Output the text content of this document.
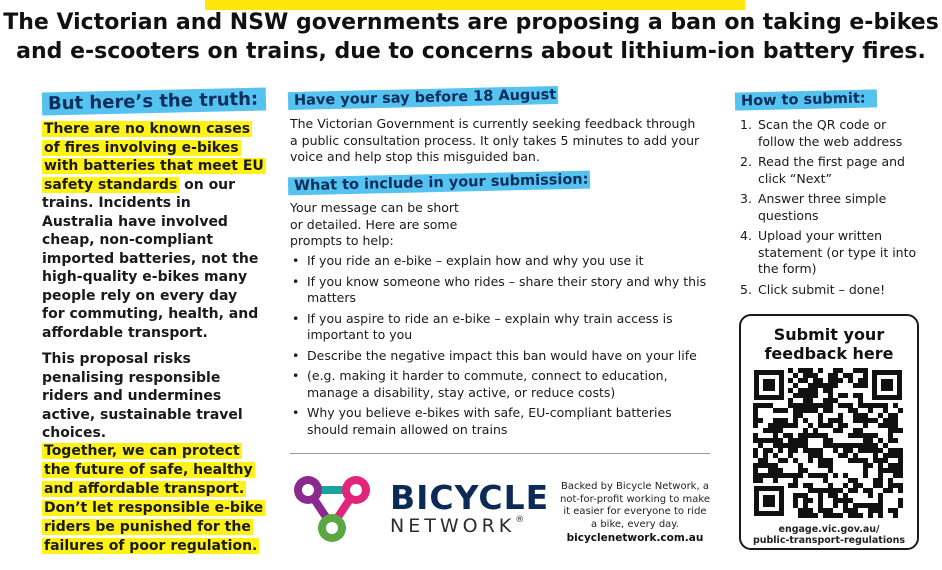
The Victorian and NSW governments are proposing a ban on taking e-bikes
and e-scooters on trains, due to concerns about lithium-ion battery fires.
But here’s the truth:

There are no known cases of fires involving e-bikes with batteries that meet EU safety standards on our trains. Incidents in Australia have involved cheap, non-compliant imported batteries, not the high-quality e-bikes many people rely on every day for commuting, health, and affordable transport.

This proposal risks penalising responsible riders and undermines active, sustainable travel choices.

Together, we can protect the future of safe, healthy and affordable transport. Don’t let responsible e-bike riders be punished for the failures of poor regulation.

Have your say before 18 August

The Victorian Government is currently seeking feedback through a public consultation process. It only takes 5 minutes to add your voice and help stop this misguided ban.

What to include in your submission:
Your message can be short
or detailed. Here are some
prompts to help:
• If you ride an e-bike – explain how and why you use it
• If you know someone who rides – share their story and why this matters
• If you aspire to ride an e-bike – explain why train access is important to you
• Describe the negative impact this ban would have on your life
• (e.g. making it harder to commute, connect to education, manage a disability, stay active, or reduce costs)
• Why you believe e-bikes with safe, EU-compliant batteries should remain allowed on trains
BICYCLE
NETWORK®
Backed by Bicycle Network, a not-for-profit working to make it easier for everyone to ride a bike, every day.
bicyclenetwork.com.au
How to submit:
1. Scan the QR code or follow the web address
2. Read the first page and click “Next”
3. Answer three simple questions
4. Upload your written statement (or type it into the form)
5. Click submit – done!
Submit your
feedback here
engage.vic.gov.au/
public-transport-regulations
